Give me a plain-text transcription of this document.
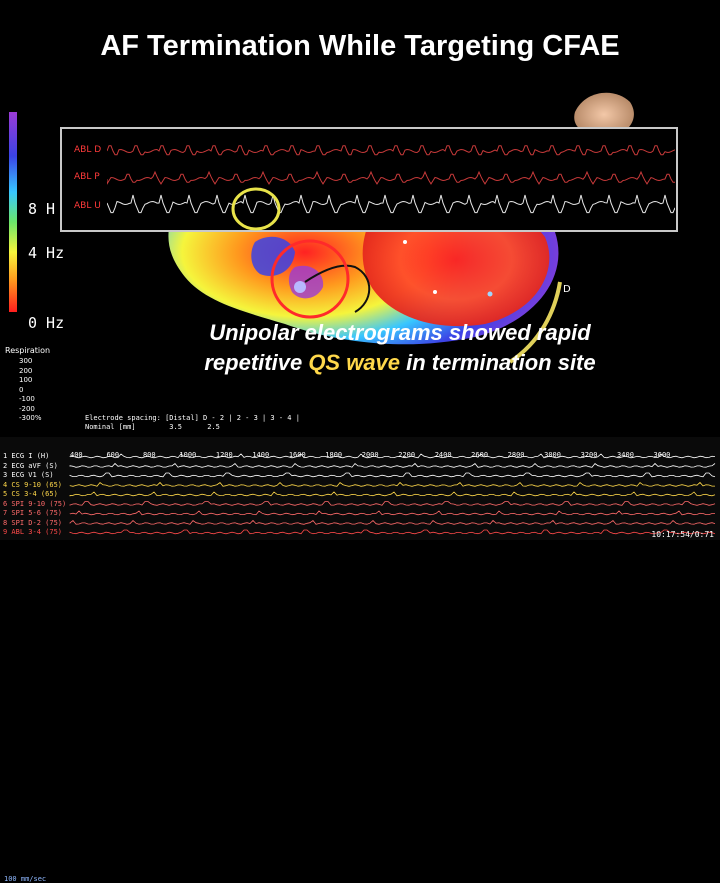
AF Termination While Targeting CFAE
D
8 H
4 Hz
0 Hz
ABL D
ABL P
ABL U
Unipolar electrograms showed rapid
repetitive QS wave in termination site
Respiration
300
200
100
0
-100
-200
-300%	Electrode spacing: [Distal] D - 2 | 2 - 3 | 3 - 4 |
Nominal [mm]        3.5      2.5
1 ECG I (H)
2 ECG aVF (S)
3 ECG V1 (S)
4 CS 9-10 (65)
5 CS 3-4 (65)
6 SPI 9-10 (75)
7 SPI 5-6 (75)
8 SPI D-2 (75)
9 ABL 3-4 (75)
400	600	800	1000	1200	1400	1600	1800	2000	2200	2400	2600	2800	3000	3200	3400	3600
100 mm/sec
10:17:54/0:71
